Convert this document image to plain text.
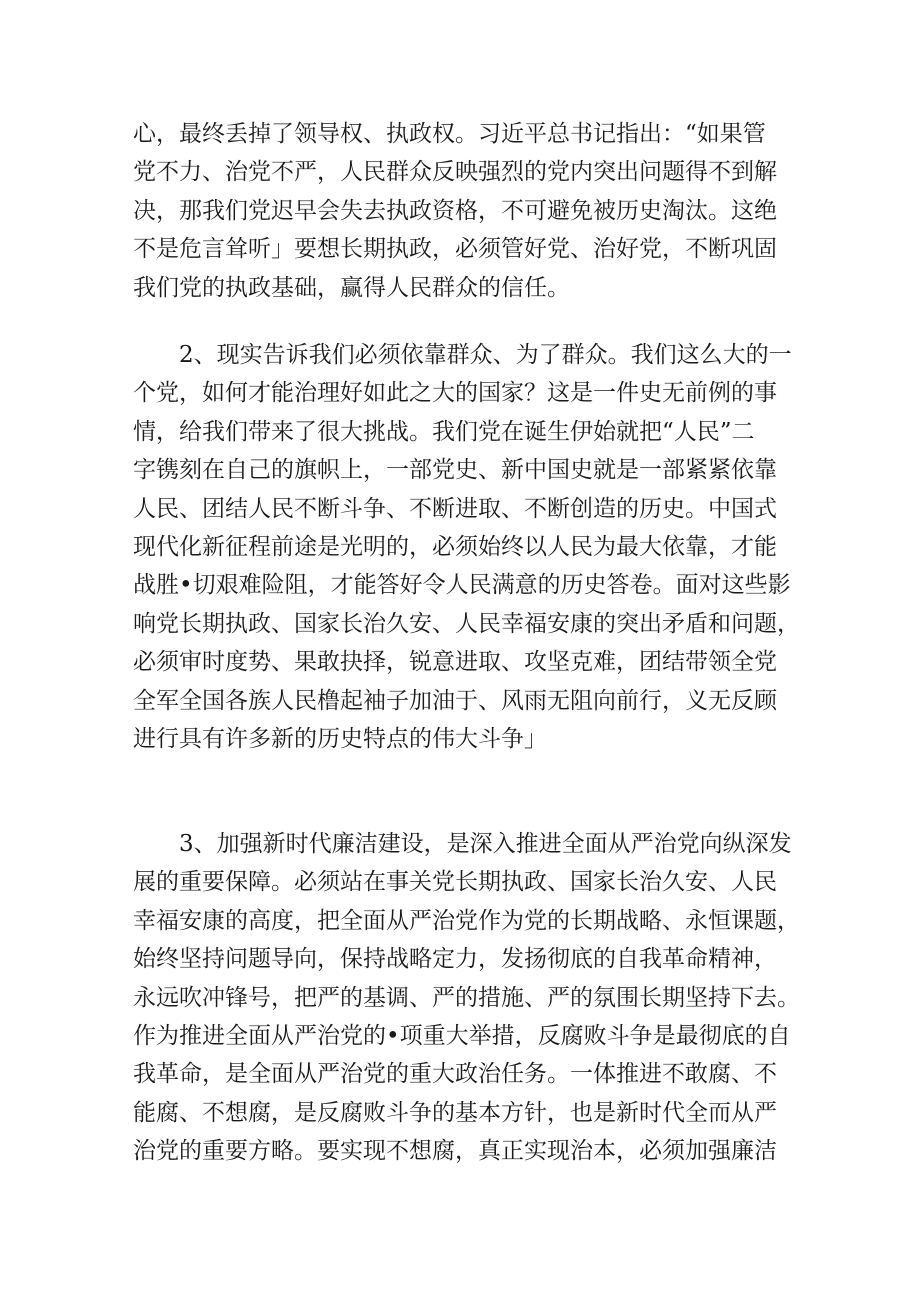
心，最终丢掉了领导权、执政权。习近平总书记指出：“如果管
党不力、治党不严，人民群众反映强烈的党内突出问题得不到解
决，那我们党迟早会失去执政资格，不可避免被历史淘汰。这绝
不是危言耸听」要想长期执政，必须管好党、治好党，不断巩固
我们党的执政基础，赢得人民群众的信任。
2、现实告诉我们必须依靠群众、为了群众。我们这么大的一
个党，如何才能治理好如此之大的国家？这是一件史无前例的事
情，给我们带来了很大挑战。我们党在诞生伊始就把“人民”二
字镌刻在自己的旗帜上，一部党史、新中国史就是一部紧紧依靠
人民、团结人民不断斗争、不断进取、不断创造的历史。中国式
现代化新征程前途是光明的，必须始终以人民为最大依靠，才能
战胜•切艰难险阻，才能答好令人民满意的历史答卷。面对这些影
响党长期执政、国家长治久安、人民幸福安康的突出矛盾和问题，
必须审时度势、果敢抉择，锐意进取、攻坚克难，团结带领全党
全军全国各族人民橹起袖子加油于、风雨无阻向前行，义无反顾
进行具有许多新的历史特点的伟大斗争」
3、加强新时代廉洁建设，是深入推进全面从严治党向纵深发
展的重要保障。必须站在事关党长期执政、国家长治久安、人民
幸福安康的高度，把全面从严治党作为党的长期战略、永恒课题，
始终坚持问题导向，保持战略定力，发扬彻底的自我革命精神，
永远吹冲锋号，把严的基调、严的措施、严的氛围长期坚持下去。
作为推进全面从严治党的•项重大举措，反腐败斗争是最彻底的自
我革命，是全面从严治党的重大政治任务。一体推进不敢腐、不
能腐、不想腐，是反腐败斗争的基本方针，也是新时代全而从严
治党的重要方略。要实现不想腐，真正实现治本，必须加强廉洁
